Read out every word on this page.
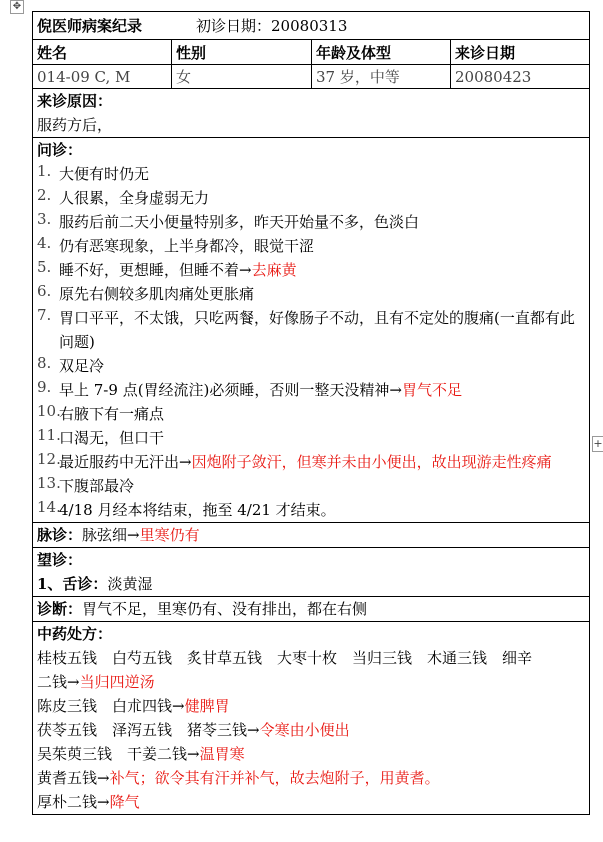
✥
+
倪医师病案纪录	初诊日期：20080313
姓名	性别	年龄及体型	来诊日期
014-09 C, M	女	37 岁，中等	20080423
来诊原因：
服药方后，
问诊：
1. 大便有时仍无
2. 人很累，全身虚弱无力
3. 服药后前二天小便量特别多，昨天开始量不多，色淡白
4. 仍有恶寒现象，上半身都冷，眼觉干涩
5. 睡不好，更想睡，但睡不着→去麻黄
6. 原先右侧较多肌肉痛处更胀痛
7. 胃口平平，不太饿，只吃两餐，好像肠子不动，且有不定处的腹痛(一直都有此问题)
8. 双足冷
9. 早上 7-9 点(胃经流注)必须睡，否则一整天没精神→胃气不足
10.
右腋下有一痛点
11.
口渴无，但口干
12.
最近服药中无汗出→因炮附子敛汗，但寒并未由小便出，故出现游走性疼痛
13.
下腹部最冷
14.
4/18 月经本将结束，拖至 4/21 才结束。
脉诊：脉弦细→里寒仍有
望诊：
1、舌诊：淡黄湿
诊断：胃气不足，里寒仍有、没有排出，都在右侧
中药处方：
桂枝五钱　白芍五钱　炙甘草五钱　大枣十枚　当归三钱　木通三钱　细辛
二钱→当归四逆汤
陈皮三钱　白朮四钱→健脾胃
茯苓五钱　泽泻五钱　猪苓三钱→令寒由小便出
吴茱萸三钱　干姜二钱→温胃寒
黄耆五钱→补气；欲令其有汗并补气，故去炮附子，用黄耆。
厚朴二钱→降气
